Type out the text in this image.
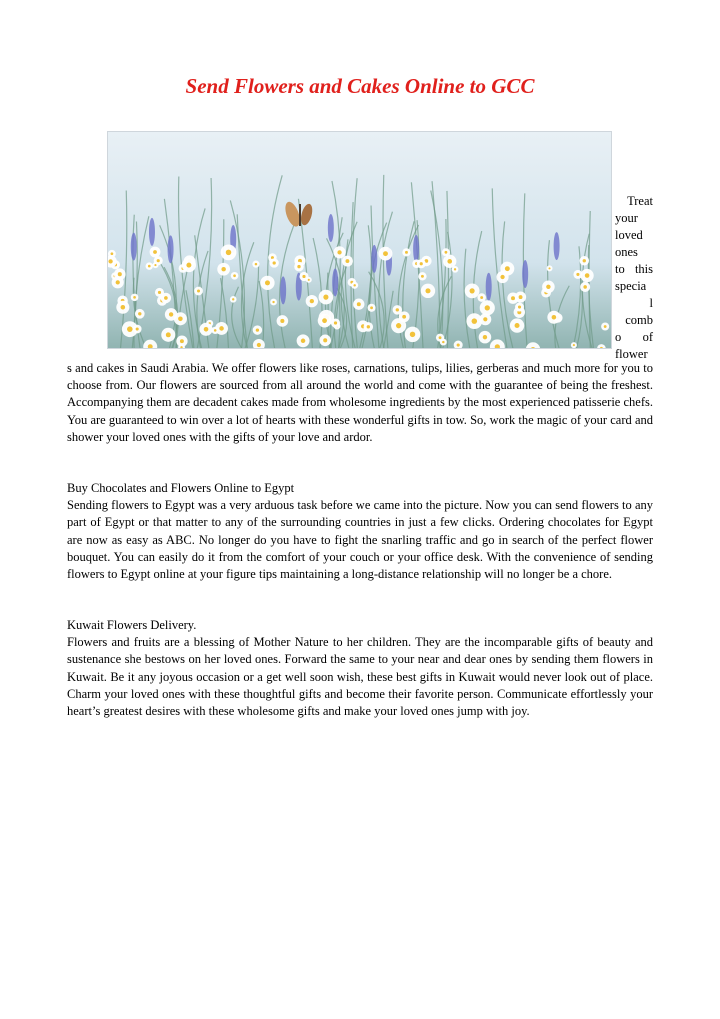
Send Flowers and Cakes Online to GCC
Treat
your
loved
ones
to this
specia
l
comb
o of
flower

s and cakes in Saudi Arabia. We offer flowers like roses, carnations, tulips, lilies, gerberas and much more for you to choose from. Our flowers are sourced from all around the world and come with the guarantee of being the freshest. Accompanying them are decadent cakes made from wholesome ingredients by the most experienced patisserie chefs. You are guaranteed to win over a lot of hearts with these wonderful gifts in tow. So, work the magic of your card and shower your loved ones with the gifts of your love and ardor.

Buy Chocolates and Flowers Online to Egypt

Sending flowers to Egypt was a very arduous task before we came into the picture. Now you can send flowers to any part of Egypt or that matter to any of the surrounding countries in just a few clicks. Ordering chocolates for Egypt are now as easy as ABC. No longer do you have to fight the snarling traffic and go in search of the perfect flower bouquet. You can easily do it from the comfort of your couch or your office desk. With the convenience of sending flowers to Egypt online at your figure tips maintaining a long-distance relationship will no longer be a chore.

Kuwait Flowers Delivery.

Flowers and fruits are a blessing of Mother Nature to her children. They are the incomparable gifts of beauty and sustenance she bestows on her loved ones. Forward the same to your near and dear ones by sending them flowers in Kuwait. Be it any joyous occasion or a get well soon wish, these best gifts in Kuwait would never look out of place. Charm your loved ones with these thoughtful gifts and become their favorite person. Communicate effortlessly your heart’s greatest desires with these wholesome gifts and make your loved ones jump with joy.
